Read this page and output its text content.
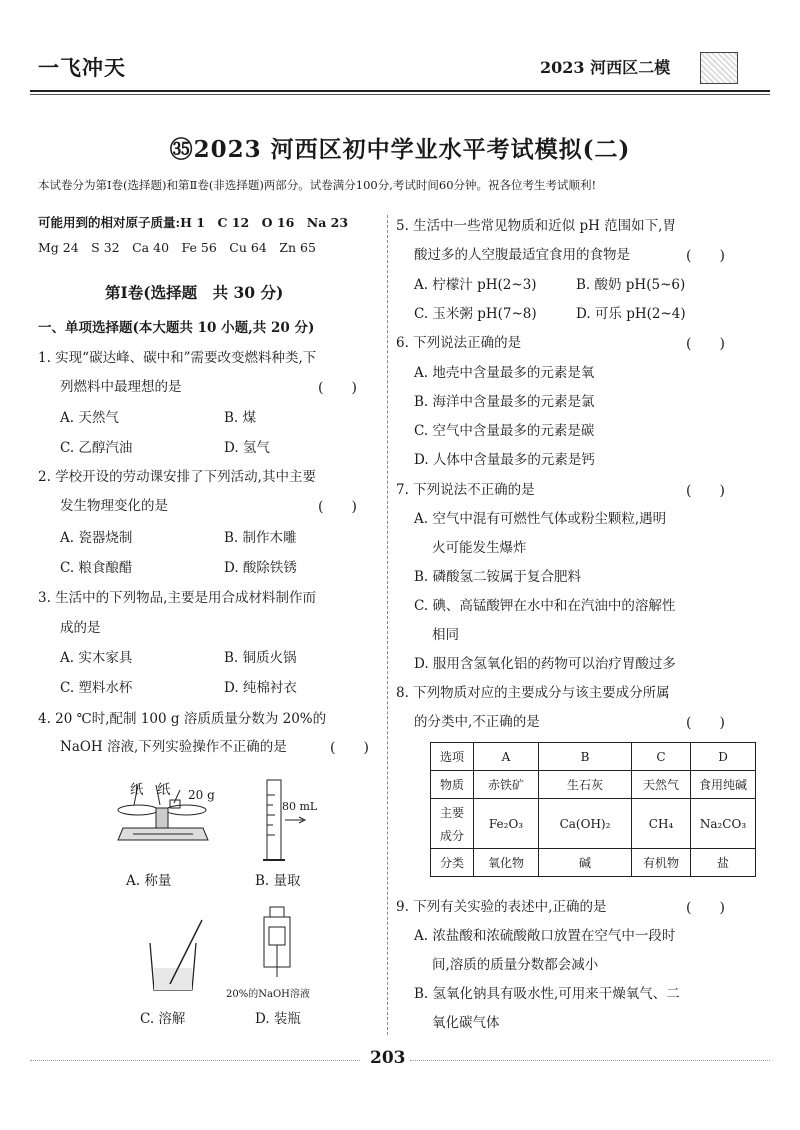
一飞冲天	2023 河西区二模
㉟2023 河西区初中学业水平考试模拟(二)
本试卷分为第Ⅰ卷(选择题)和第Ⅱ卷(非选择题)两部分。试卷满分100分,考试时间60分钟。祝各位考生考试顺利!
可能用到的相对原子质量:H 1　C 12　O 16　Na 23
Mg 24　S 32　Ca 40　Fe 56　Cu 64　Zn 65
第Ⅰ卷(选择题　共 30 分)
一、单项选择题(本大题共 10 小题,共 20 分)
1. 实现“碳达峰、碳中和”需要改变燃料种类,下
列燃料中最理想的是	(　　)
A. 天然气	B. 煤
C. 乙醇汽油	D. 氢气
2. 学校开设的劳动课安排了下列活动,其中主要
发生物理变化的是	(　　)
A. 瓷器烧制	B. 制作木雕
C. 粮食酿醋	D. 酸除铁锈
3. 生活中的下列物品,主要是用合成材料制作而
成的是
A. 实木家具	B. 铜质火锅
C. 塑料水杯	D. 纯棉衬衣
4. 20 ℃时,配制 100 g 溶质质量分数为 20%的
NaOH 溶液,下列实验操作不正确的是	(　　)
纸　纸 20 g
80 mL
A. 称量	B. 量取
20%的NaOH溶液
C. 溶解	D. 装瓶
5. 生活中一些常见物质和近似 pH 范围如下,胃
酸过多的人空腹最适宜食用的食物是	(　　)
A. 柠檬汁 pH(2~3)	B. 酸奶 pH(5~6)
C. 玉米粥 pH(7~8)	D. 可乐 pH(2~4)
6. 下列说法正确的是	(　　)
A. 地壳中含量最多的元素是氧
B. 海洋中含量最多的元素是氯
C. 空气中含量最多的元素是碳
D. 人体中含量最多的元素是钙
7. 下列说法不正确的是	(　　)
A. 空气中混有可燃性气体或粉尘颗粒,遇明
火可能发生爆炸
B. 磷酸氢二铵属于复合肥料
C. 碘、高锰酸钾在水中和在汽油中的溶解性
相同
D. 服用含氢氧化铝的药物可以治疗胃酸过多
8. 下列物质对应的主要成分与该主要成分所属
的分类中,不正确的是	(　　)
选项	A	B	C	D
物质	赤铁矿	生石灰	天然气	食用纯碱

主要
成分	Fe₂O₃	Ca(OH)₂	CH₄	Na₂CO₃
分类	氧化物	碱	有机物	盐
9. 下列有关实验的表述中,正确的是	(　　)
A. 浓盐酸和浓硫酸敞口放置在空气中一段时
间,溶质的质量分数都会减小
B. 氢氧化钠具有吸水性,可用来干燥氧气、二
氧化碳气体
203
